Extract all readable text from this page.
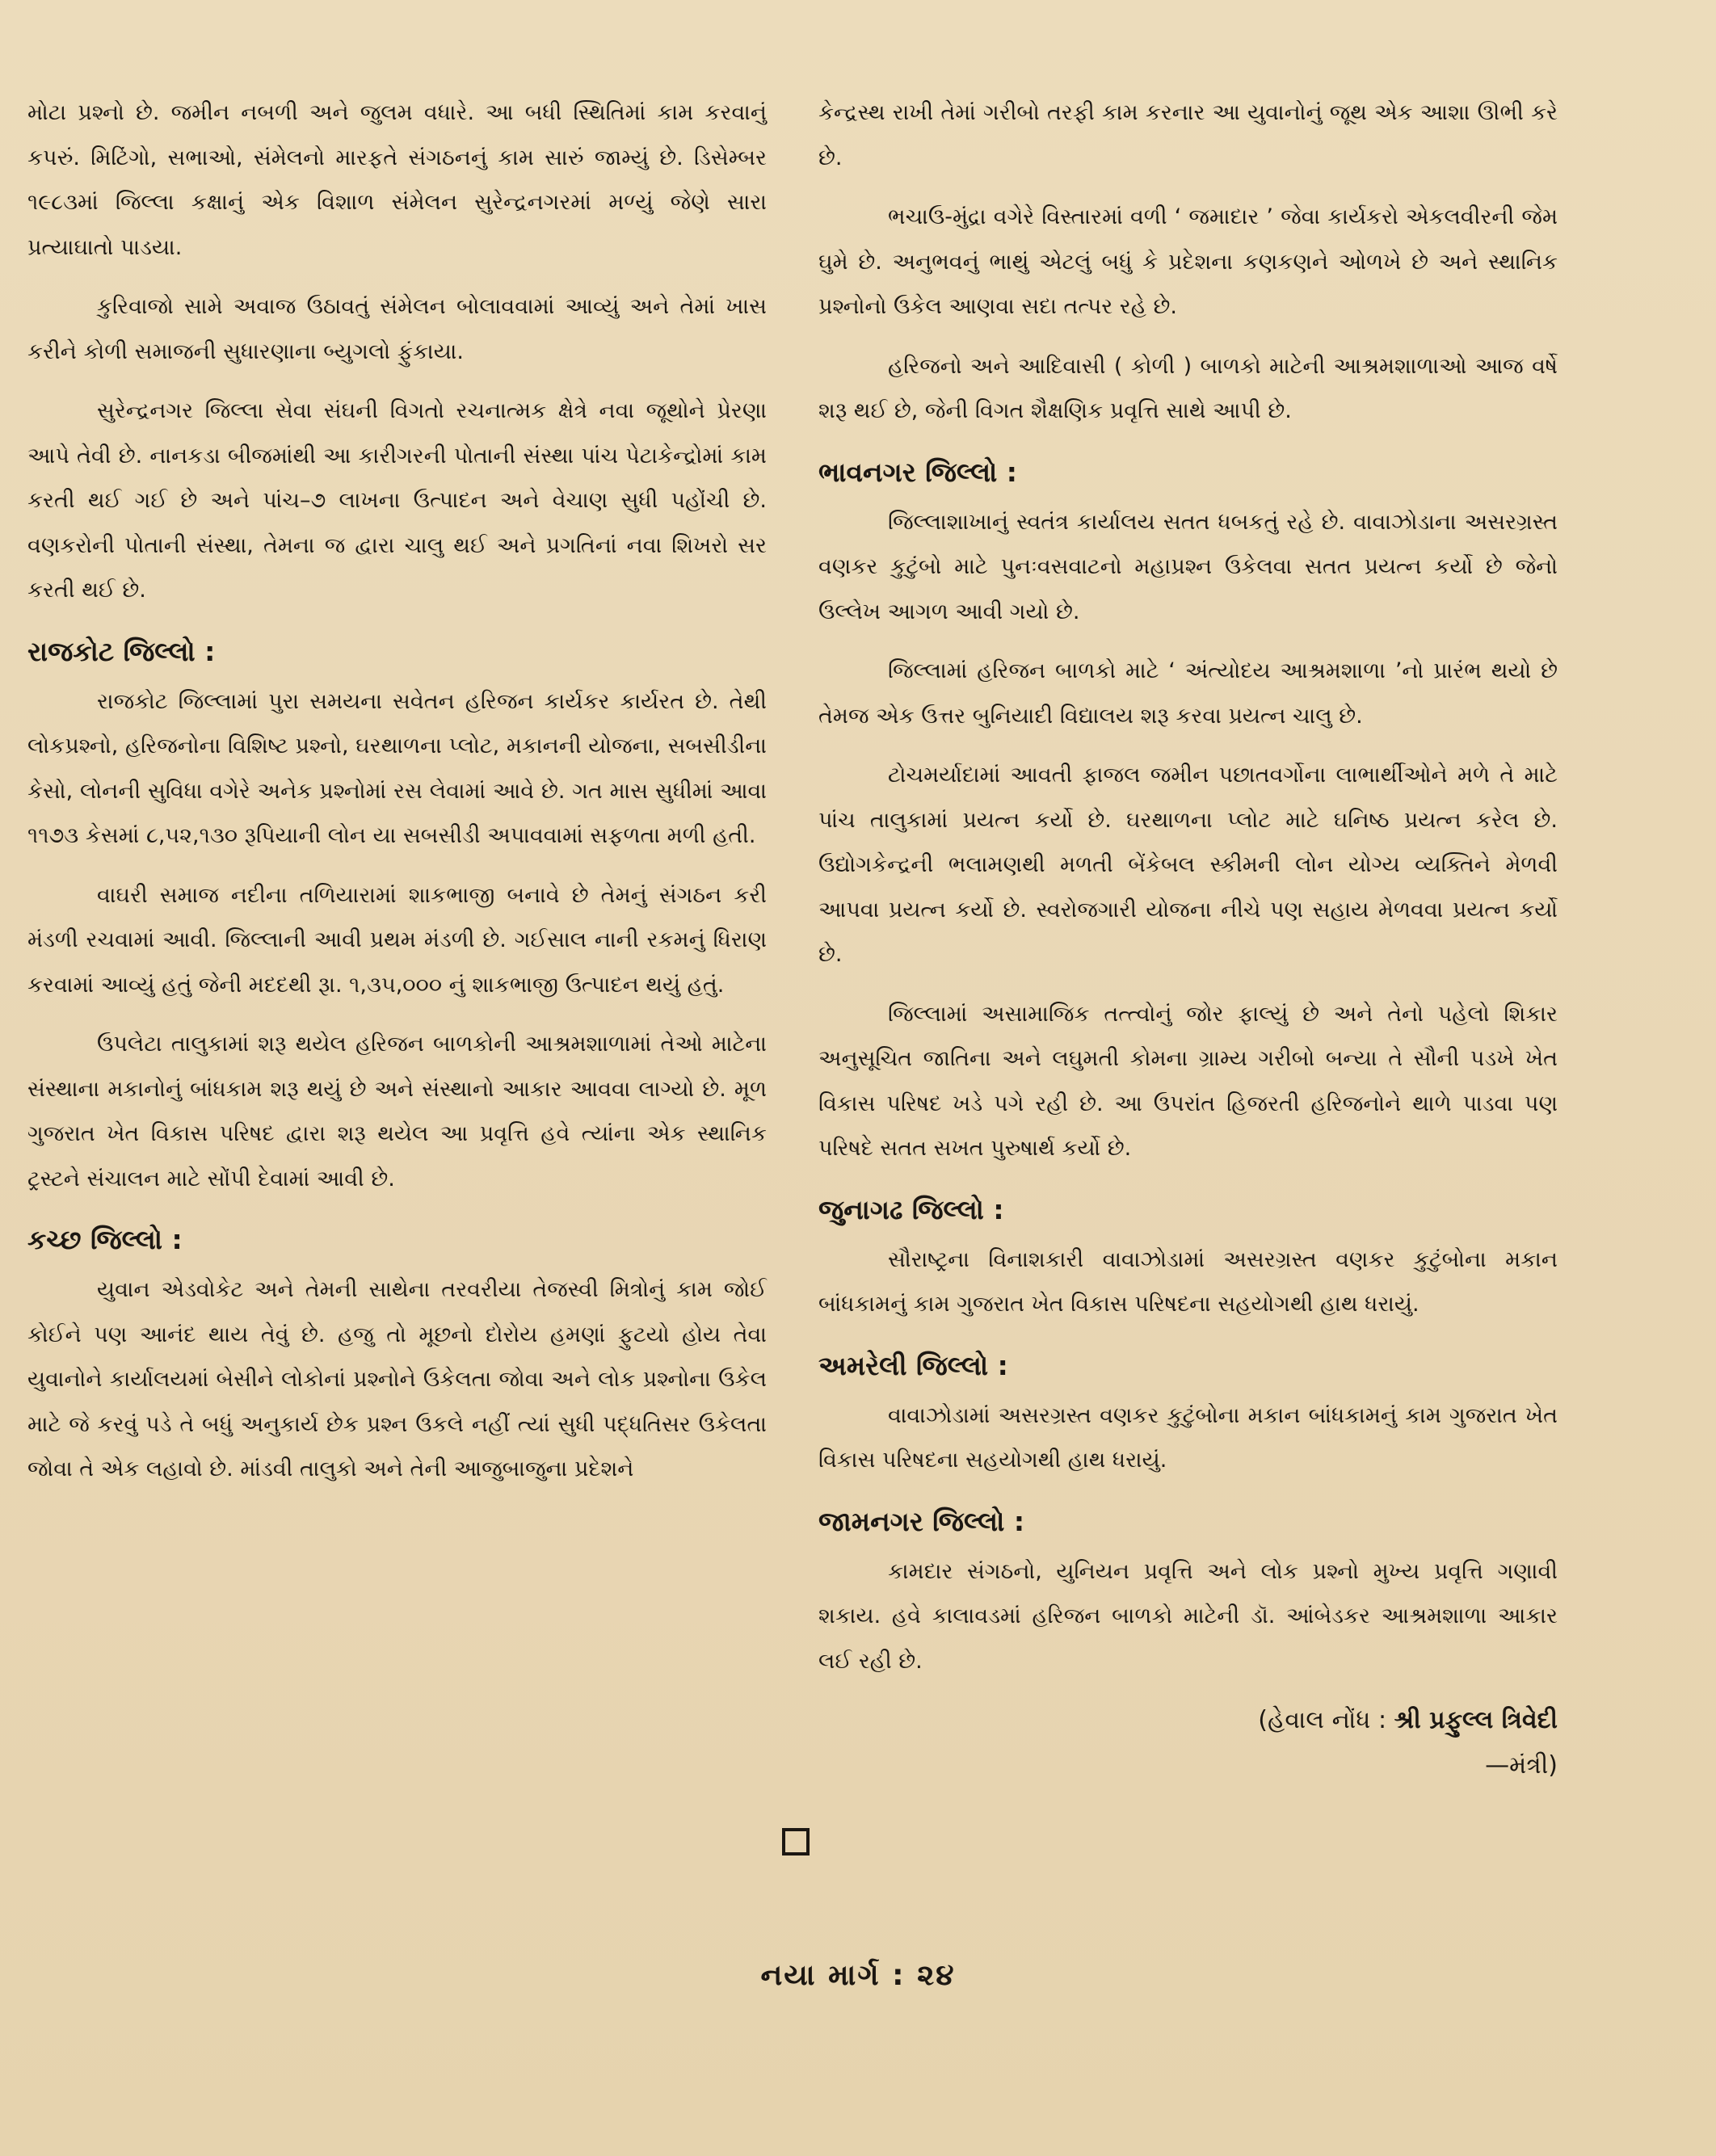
મોટા પ્રશ્નો છે. જમીન નબળી અને જુલમ વધારે. આ બધી સ્થિતિમાં કામ કરવાનું કપરું. મિટિંગો, સભાઓ, સંમેલનો મારફતે સંગઠનનું કામ સારું જામ્યું છે. ડિસેમ્બર ૧૯૮૩માં જિલ્લા કક્ષાનું એક વિશાળ સંમેલન સુરેન્દ્રનગરમાં મળ્યું જેણે સારા પ્રત્યાઘાતો પાડયા.

કુરિવાજો સામે અવાજ ઉઠાવતું સંમેલન બોલાવવામાં આવ્યું અને તેમાં ખાસ કરીને કોળી સમાજની સુધારણાના બ્યુગલો ફુંકાયા.

સુરેન્દ્રનગર જિલ્લા સેવા સંઘની વિગતો રચનાત્મક ક્ષેત્રે નવા જૂથોને પ્રેરણા આપે તેવી છે. નાનકડા બીજમાંથી આ કારીગરની પોતાની સંસ્થા પાંચ પેટાકેન્દ્રોમાં કામ કરતી થઈ ગઈ છે અને પાંચ–૭ લાખના ઉત્પાદન અને વેચાણ સુધી પહોંચી છે. વણકરોની પોતાની સંસ્થા, તેમના જ દ્વારા ચાલુ થઈ અને પ્રગતિનાં નવા શિખરો સર કરતી થઈ છે.

રાજકોટ જિલ્લો :

રાજકોટ જિલ્લામાં પુરા સમયના સવેતન હરિજન કાર્યકર કાર્યરત છે. તેથી લોકપ્રશ્નો, હરિજનોના વિશિષ્ટ પ્રશ્નો, ઘરથાળના પ્લોટ, મકાનની યોજના, સબસીડીના કેસો, લોનની સુવિધા વગેરે અનેક પ્રશ્નોમાં રસ લેવામાં આવે છે. ગત માસ સુધીમાં આવા ૧૧૭૩ કેસમાં ૮,૫૨,૧૩૦ રૂપિયાની લોન યા સબસીડી અપાવવામાં સફળતા મળી હતી.

વાઘરી સમાજ નદીના તળિયારામાં શાકભાજી બનાવે છે તેમનું સંગઠન કરી મંડળી રચવામાં આવી. જિલ્લાની આવી પ્રથમ મંડળી છે. ગઈસાલ નાની રકમનું ધિરાણ કરવામાં આવ્યું હતું જેની મદદથી રૂા. ૧,૩૫,૦૦૦ નું શાકભાજી ઉત્પાદન થયું હતું.

ઉપલેટા તાલુકામાં શરૂ થયેલ હરિજન બાળકોની આશ્રમશાળામાં તેઓ માટેના સંસ્થાના મકાનોનું બાંધકામ શરૂ થયું છે અને સંસ્થાનો આકાર આવવા લાગ્યો છે. મૂળ ગુજરાત ખેત વિકાસ પરિષદ દ્વારા શરૂ થયેલ આ પ્રવૃત્તિ હવે ત્યાંના એક સ્થાનિક ટ્રસ્ટને સંચાલન માટે સોંપી દેવામાં આવી છે.

કચ્છ જિલ્લો :

યુવાન એડવોકેટ અને તેમની સાથેના તરવરીયા તેજસ્વી મિત્રોનું કામ જોઈ કોઈને પણ આનંદ થાય તેવું છે. હજુ તો મૂછનો દોરોય હમણાં ફુટયો હોય તેવા યુવાનોને કાર્યાલયમાં બેસીને લોકોનાં પ્રશ્નોને ઉકેલતા જોવા અને લોક પ્રશ્નોના ઉકેલ માટે જે કરવું પડે તે બધું અનુકાર્ય છેક પ્રશ્ન ઉકલે નહીં ત્યાં સુધી પદ્ધતિસર ઉકેલતા જોવા તે એક લહાવો છે. માંડવી તાલુકો અને તેની આજુબાજુના પ્રદેશને

કેન્દ્રસ્થ રાખી તેમાં ગરીબો તરફી કામ કરનાર આ યુવાનોનું જૂથ એક આશા ઊભી કરે છે.

ભચાઉ-મુંદ્રા વગેરે વિસ્તારમાં વળી ‘ જમાદાર ’ જેવા કાર્યકરો એકલવીરની જેમ ઘુમે છે. અનુભવનું ભાથું એટલું બધું કે પ્રદેશના કણકણને ઓળખે છે અને સ્થાનિક પ્રશ્નોનો ઉકેલ આણવા સદા તત્પર રહે છે.

હરિજનો અને આદિવાસી ( કોળી ) બાળકો માટેની આશ્રમશાળાઓ આજ વર્ષે શરૂ થઈ છે, જેની વિગત શૈક્ષણિક પ્રવૃત્તિ સાથે આપી છે.

ભાવનગર જિલ્લો :

જિલ્લાશાખાનું સ્વતંત્ર કાર્યાલય સતત ધબકતું રહે છે. વાવાઝોડાના અસરગ્રસ્ત વણકર કુટુંબો માટે પુનઃવસવાટનો મહાપ્રશ્ન ઉકેલવા સતત પ્રયત્ન કર્યો છે જેનો ઉલ્લેખ આગળ આવી ગયો છે.

જિલ્લામાં હરિજન બાળકો માટે ‘ અંત્યોદય આશ્રમશાળા ’નો પ્રારંભ થયો છે તેમજ એક ઉત્તર બુનિયાદી વિદ્યાલય શરૂ કરવા પ્રયત્ન ચાલુ છે.

ટોચમર્યાદામાં આવતી ફાજલ જમીન પછાતવર્ગોના લાભાર્થીઓને મળે તે માટે પાંચ તાલુકામાં પ્રયત્ન કર્યો છે. ઘરથાળના પ્લોટ માટે ઘનિષ્ઠ પ્રયત્ન કરેલ છે. ઉદ્યોગકેન્દ્રની ભલામણથી મળતી બેંકેબલ સ્કીમની લોન યોગ્ય વ્યક્તિને મેળવી આપવા પ્રયત્ન કર્યો છે. સ્વરોજગારી યોજના નીચે પણ સહાય મેળવવા પ્રયત્ન કર્યો છે.

જિલ્લામાં અસામાજિક તત્ત્વોનું જોર ફાલ્યું છે અને તેનો પહેલો શિકાર અનુસૂચિત જાતિના અને લઘુમતી કોમના ગ્રામ્ય ગરીબો બન્યા તે સૌની પડખે ખેત વિકાસ પરિષદ ખડે પગે રહી છે. આ ઉપરાંત હિજરતી હરિજનોને થાળે પાડવા પણ પરિષદે સતત સખત પુરુષાર્થ કર્યો છે.

જુનાગઢ જિલ્લો :

સૌરાષ્ટ્રના વિનાશકારી વાવાઝોડામાં અસરગ્રસ્ત વણકર કુટુંબોના મકાન બાંધકામનું કામ ગુજરાત ખેત વિકાસ પરિષદના સહયોગથી હાથ ધરાયું.

અમરેલી જિલ્લો :

વાવાઝોડામાં અસરગ્રસ્ત વણકર કુટુંબોના મકાન બાંધકામનું કામ ગુજરાત ખેત વિકાસ પરિષદના સહયોગથી હાથ ધરાયું.

જામનગર જિલ્લો :

કામદાર સંગઠનો, યુનિયન પ્રવૃત્તિ અને લોક પ્રશ્નો મુખ્ય પ્રવૃત્તિ ગણાવી શકાય. હવે કાલાવડમાં હરિજન બાળકો માટેની ડૉ. આંબેડકર આશ્રમશાળા આકાર લઈ રહી છે.

(હેવાલ નોંધ : શ્રી પ્રફુલ્લ ત્રિવેદી
—મંત્રી)
નયા માર્ગ : ૨૪
